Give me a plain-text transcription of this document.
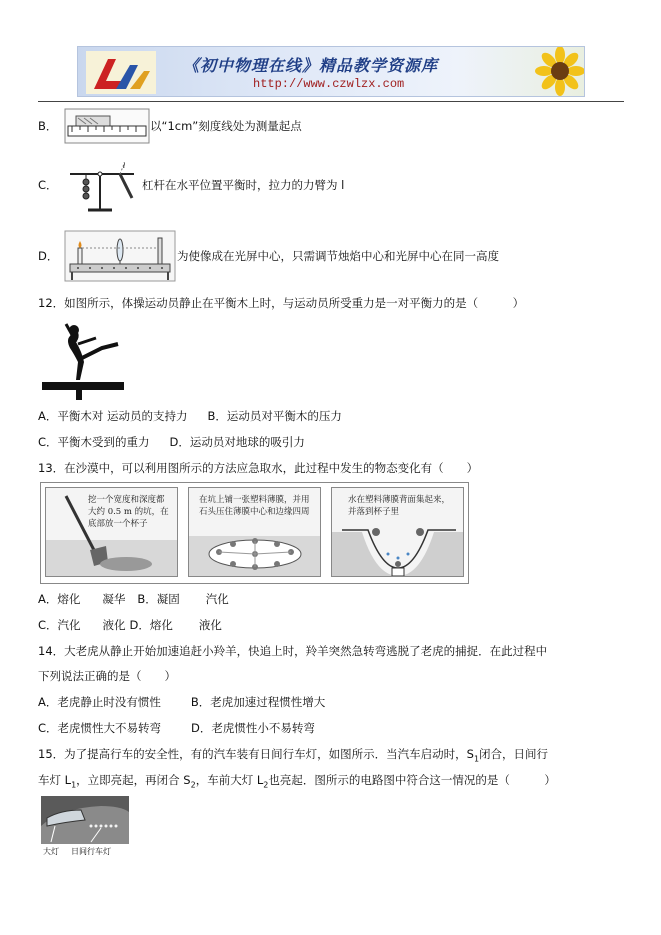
《初中物理在线》精品教学资源库
http://www.czwlzx.com
B．	以“1cm”刻度线处为测量起点
C．
l
杠杆在水平位置平衡时，拉力的力臂为 l
D．	为使像成在光屏中心，只需调节烛焰中心和光屏中心在同一高度
12．如图所示，体操运动员静止在平衡木上时，与运动员所受重力是一对平衡力的是（　　　）
A．平衡木对 运动员的支持力 B．运动员对平衡木的压力
C．平衡木受到的重力 D．运动员对地球的吸引力
13．在沙漠中，可以利用图所示的方法应急取水，此过程中发生的物态变化有（　　）
挖一个宽度和深度都大约 0.5 m 的坑，在底部放一个杯子
在坑上铺一张塑料薄膜，并用石头压住薄膜中心和边缘四周
水在塑料薄膜背面集起来，并落到杯子里
A．熔化 凝华 B．凝固 汽化
C．汽化 液化 D．熔化 液化
14．大老虎从静止开始加速追赶小羚羊，快追上时，羚羊突然急转弯逃脱了老虎的捕捉．在此过程中
下列说法正确的是（　　）
A．老虎静止时没有惯性	B．老虎加速过程惯性增大
C．老虎惯性大不易转弯	D．老虎惯性小不易转弯
15．为了提高行车的安全性，有的汽车装有日间行车灯，如图所示．当汽车启动时，$S_1$闭合，日间行
车灯 $L_1$，立即亮起，再闭合 $S_2$，车前大灯 $L_2$也亮起．图所示的电路图中符合这一情况的是（　　　）
大灯 日间行车灯
